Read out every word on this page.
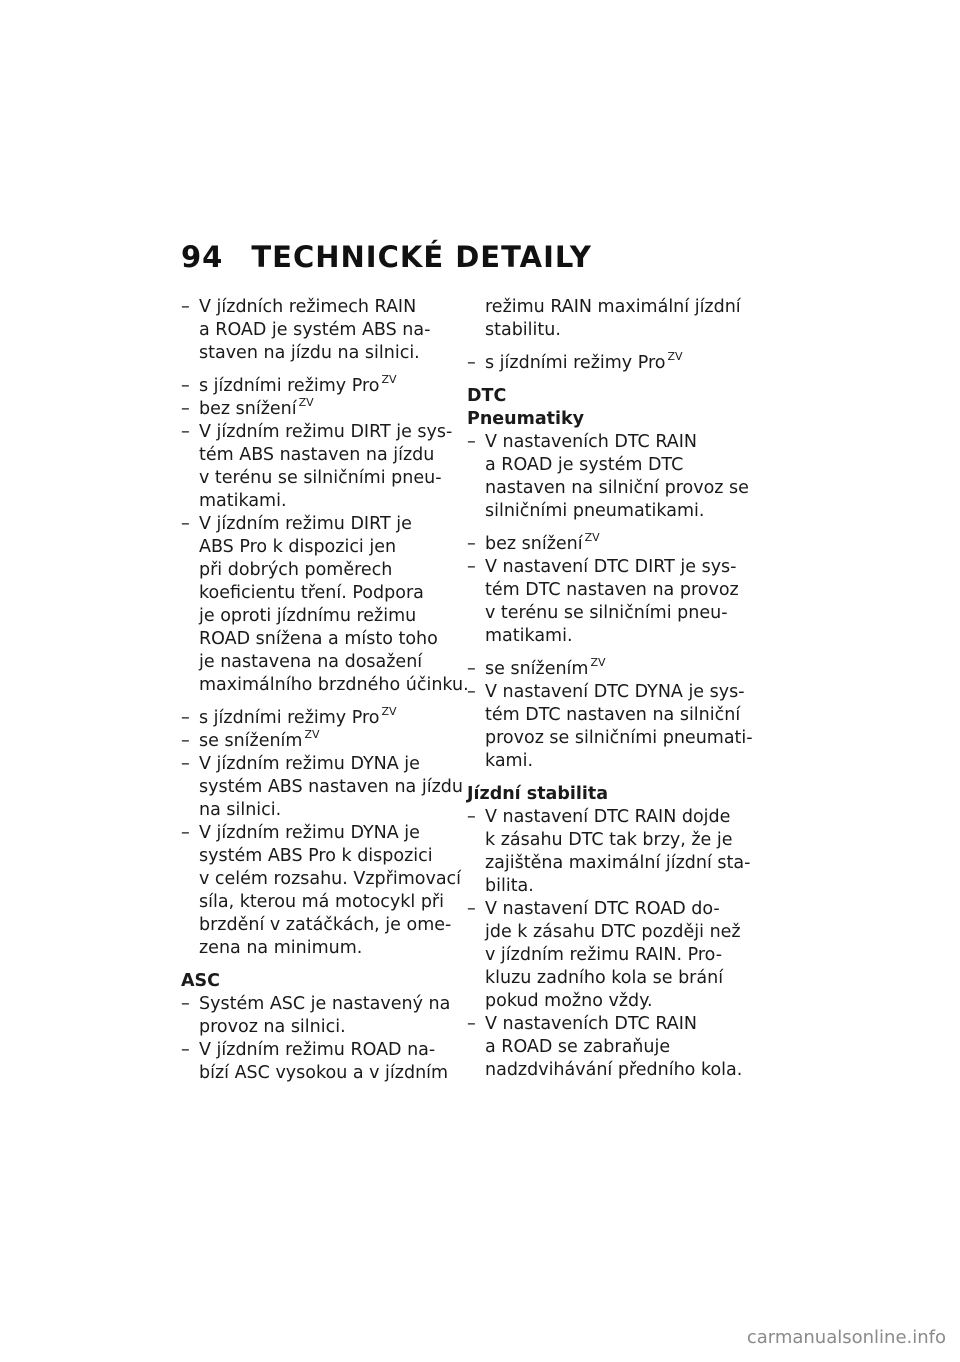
94 TECHNICKÉ DETAILY
– V jízdních režimech RAIN
a ROAD je systém ABS na-
staven na jízdu na silnici.
– s jízdními režimy Pro $^{ZV}$
– bez snížení $^{ZV}$
– V jízdním režimu DIRT je sys-
tém ABS nastaven na jízdu
v terénu se silničními pneu-
matikami.
– V jízdním režimu DIRT je
ABS Pro k dispozici jen
při dobrých poměrech
koeficientu tření. Podpora
je oproti jízdnímu režimu
ROAD snížena a místo toho
je nastavena na dosažení
maximálního brzdného účinku.
– s jízdními režimy Pro $^{ZV}$
– se snížením $^{ZV}$
– V jízdním režimu DYNA je
systém ABS nastaven na jízdu
na silnici.
– V jízdním režimu DYNA je
systém ABS Pro k dispozici
v celém rozsahu. Vzpřimovací
síla, kterou má motocykl při
brzdění v zatáčkách, je ome-
zena na minimum.
ASC
– Systém ASC je nastavený na
provoz na silnici.
– V jízdním režimu ROAD na-
bízí ASC vysokou a v jízdním
režimu RAIN maximální jízdní
stabilitu.
– s jízdními režimy Pro $^{ZV}$
DTC
Pneumatiky
– V nastaveních DTC RAIN
a ROAD je systém DTC
nastaven na silniční provoz se
silničními pneumatikami.
– bez snížení $^{ZV}$
– V nastavení DTC DIRT je sys-
tém DTC nastaven na provoz
v terénu se silničními pneu-
matikami.
– se snížením $^{ZV}$
– V nastavení DTC DYNA je sys-
tém DTC nastaven na silniční
provoz se silničními pneumati-
kami.
Jízdní stabilita
– V nastavení DTC RAIN dojde
k zásahu DTC tak brzy, že je
zajištěna maximální jízdní sta-
bilita.
– V nastavení DTC ROAD do-
jde k zásahu DTC později než
v jízdním režimu RAIN. Pro-
kluzu zadního kola se brání
pokud možno vždy.
– V nastaveních DTC RAIN
a ROAD se zabraňuje
nadzdvihávání předního kola.
carmanualsonline.info
